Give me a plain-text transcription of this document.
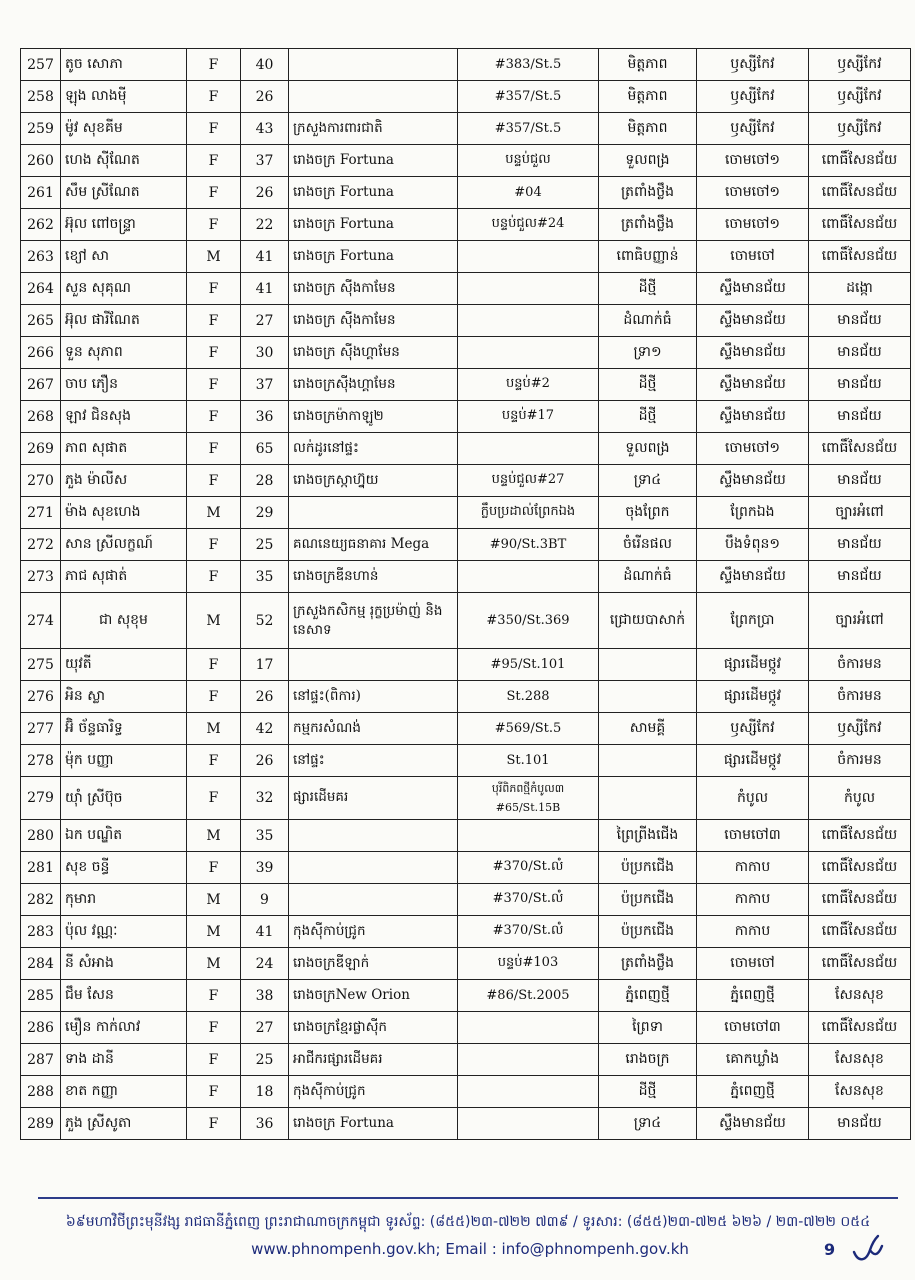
257	តូច សោភា	F	40		#383/St.5	មិត្តភាព	ឫស្សីកែវ	ឫស្សីកែវ
258	ឡុង លាងមុី	F	26		#357/St.5	មិត្តភាព	ឫស្សីកែវ	ឫស្សីកែវ
259	ម៉ូវ សុខគីម	F	43	ក្រសួងការពារជាតិ	#357/St.5	មិត្តភាព	ឫស្សីកែវ	ឫស្សីកែវ
260	ហេង ស៊ីណែត	F	37	រោងចក្រ Fortuna	បន្ទប់ជួល	ទួលពង្រ	ចោមចៅ១	ពោធិ៍សែនជ័យ
261	សឹម ស្រីណែត	F	26	រោងចក្រ Fortuna	#04	ត្រពាំងថ្លឹង	ចោមចៅ១	ពោធិ៍សែនជ័យ
262	អ៊ុល ពៅចន្ទ្រា	F	22	រោងចក្រ Fortuna	បន្ទប់ជួល#24	ត្រពាំងថ្លឹង	ចោមចៅ១	ពោធិ៍សែនជ័យ
263	ខ្យៅ សា	M	41	រោងចក្រ Fortuna		ពោធិបញ្ញាន់	ចោមចៅ	ពោធិ៍សែនជ័យ
264	សួន សុគុណ	F	41	រោងចក្រ ស៊ីងកាមែន		ដីថ្មី	ស្ទឹងមានជ័យ	ដង្កោ
265	អ៊ុល ផារីណែត	F	27	រោងចក្រ ស៊ីងកាមែន		ដំណាក់ធំ	ស្ទឹងមានជ័យ	មានជ័យ
266	ទួន សុភាព	F	30	រោងចក្រ ស៊ីងហ្គាមែន		ទ្រា១	ស្ទឹងមានជ័យ	មានជ័យ
267	ចាប ភឿន	F	37	រោងចក្រស៊ីងហ្គាមែន	បន្ទប់#2	ដីថ្មី	ស្ទឹងមានជ័យ	មានជ័យ
268	ឡាវ ជិនសុង	F	36	រោងចក្រម៉ាកាឡូ២	បន្ទប់#17	ដីថ្មី	ស្ទឹងមានជ័យ	មានជ័យ
269	ភាព សុផាត	F	65	លក់ដូរនៅផ្ទះ		ទួលពង្រ	ចោមចៅ១	ពោធិ៍សែនជ័យ
270	ភួង ម៉ាលីស	F	28	រោងចក្រស្កាហ្វ៊ុយ	បន្ទប់ជួល#27	ទ្រា៤	ស្ទឹងមានជ័យ	មានជ័យ
271	ម៉ាង សុខហេង	M	29		ក្លឹបប្រដាល់ព្រែកឯង	ចុងព្រែក	ព្រែកឯង	ច្បារអំពៅ
272	សាន ស្រីលក្ខណ៍	F	25	គណនេយ្យធនាគារ Mega	#90/St.3BT	ចំរើនផល	បឹងទំពុន១	មានជ័យ
273	ភាជ សុផាត់	F	35	រោងចក្រឌីនហាន់		ដំណាក់ធំ	ស្ទឹងមានជ័យ	មានជ័យ
274	ជា សុខុម	M	52	ក្រសួងកសិកម្ម រុក្ខប្រម៉ាញ់ និងនេសាទ	#350/St.369	ជ្រោយបាសាក់	ព្រែកប្រា	ច្បារអំពៅ
275	យុវតី	F	17		#95/St.101		ផ្សារដើមថ្កូវ	ចំការមន
276	អិន ស្លា	F	26	នៅផ្ទះ(ពិការ)	St.288		ផ្សារដើមថ្កូវ	ចំការមន
277	អ៊ិ ច័ន្ទធារិទ្ធ	M	42	កម្មករសំណង់	#569/St.5	សាមគ្គី	ឫស្សីកែវ	ឫស្សីកែវ
278	ម៉ុក បញ្ញា	F	26	នៅផ្ទះ	St.101		ផ្សារដើមថ្កូវ	ចំការមន
279	យ៉ាំ ស្រីប៊ុច	F	32	ផ្សារដើមគរ	បុរីពិភពថ្មីកំបូល៣ #65/St.15B		កំបូល	កំបូល
280	ឯក បណ្ឌិត	M	35			ព្រៃព្រីងជើង	ចោមចៅ៣	ពោធិ៍សែនជ័យ
281	សុខ ចន្ធី	F	39		#370/St.លំ	ប៉ប្រកជើង	កាកាប	ពោធិ៍សែនជ័យ
282	កុមារា	M	9		#370/St.លំ	ប៉ប្រកជើង	កាកាប	ពោធិ៍សែនជ័យ
283	ប៉ុល វណ្ណៈ	M	41	កុងស៊ីកាប់ជ្រូក	#370/St.លំ	ប៉ប្រកជើង	កាកាប	ពោធិ៍សែនជ័យ
284	នី សំអាង	M	24	រោងចក្រឌីឡាក់	បន្ទប់#103	ត្រពាំងថ្លឹង	ចោមចៅ	ពោធិ៍សែនជ័យ
285	ជឹម សែន	F	38	រោងចក្រNew Orion	#86/St.2005	ភ្នំពេញថ្មី	ភ្នំពេញថ្មី	សែនសុខ
286	មឿន កាក់លាវ	F	27	រោងចក្រខ្មែរផ្លាស៊ីក		ព្រៃទា	ចោមចៅ៣	ពោធិ៍សែនជ័យ
287	ទាង ដានី	F	25	អាជីករផ្សារដើមគរ		រោងចក្រ	គោកឃ្លាំង	សែនសុខ
288	ខាត កញ្ញា	F	18	កុងស៊ីកាប់ជ្រូក		ដីថ្មី	ភ្នំពេញថ្មី	សែនសុខ
289	ភួង ស្រីសូតា	F	36	រោងចក្រ Fortuna		ទ្រា៤	ស្ទឹងមានជ័យ	មានជ័យ
៦៩មហាវិថីព្រះមុនីវង្ស រាជធានីភ្នំពេញ ព្រះរាជាណាចក្រកម្ពុជា ទូរស័ព្ទ: (៨៥៥)២៣-៧២២ ៧៣៩ / ទូរសារ: (៨៥៥)២៣-៧២៥ ៦២៦ / ២៣-៧២២ ០៥៤
www.phnompenh.gov.kh; Email : info@phnompenh.gov.kh	9
